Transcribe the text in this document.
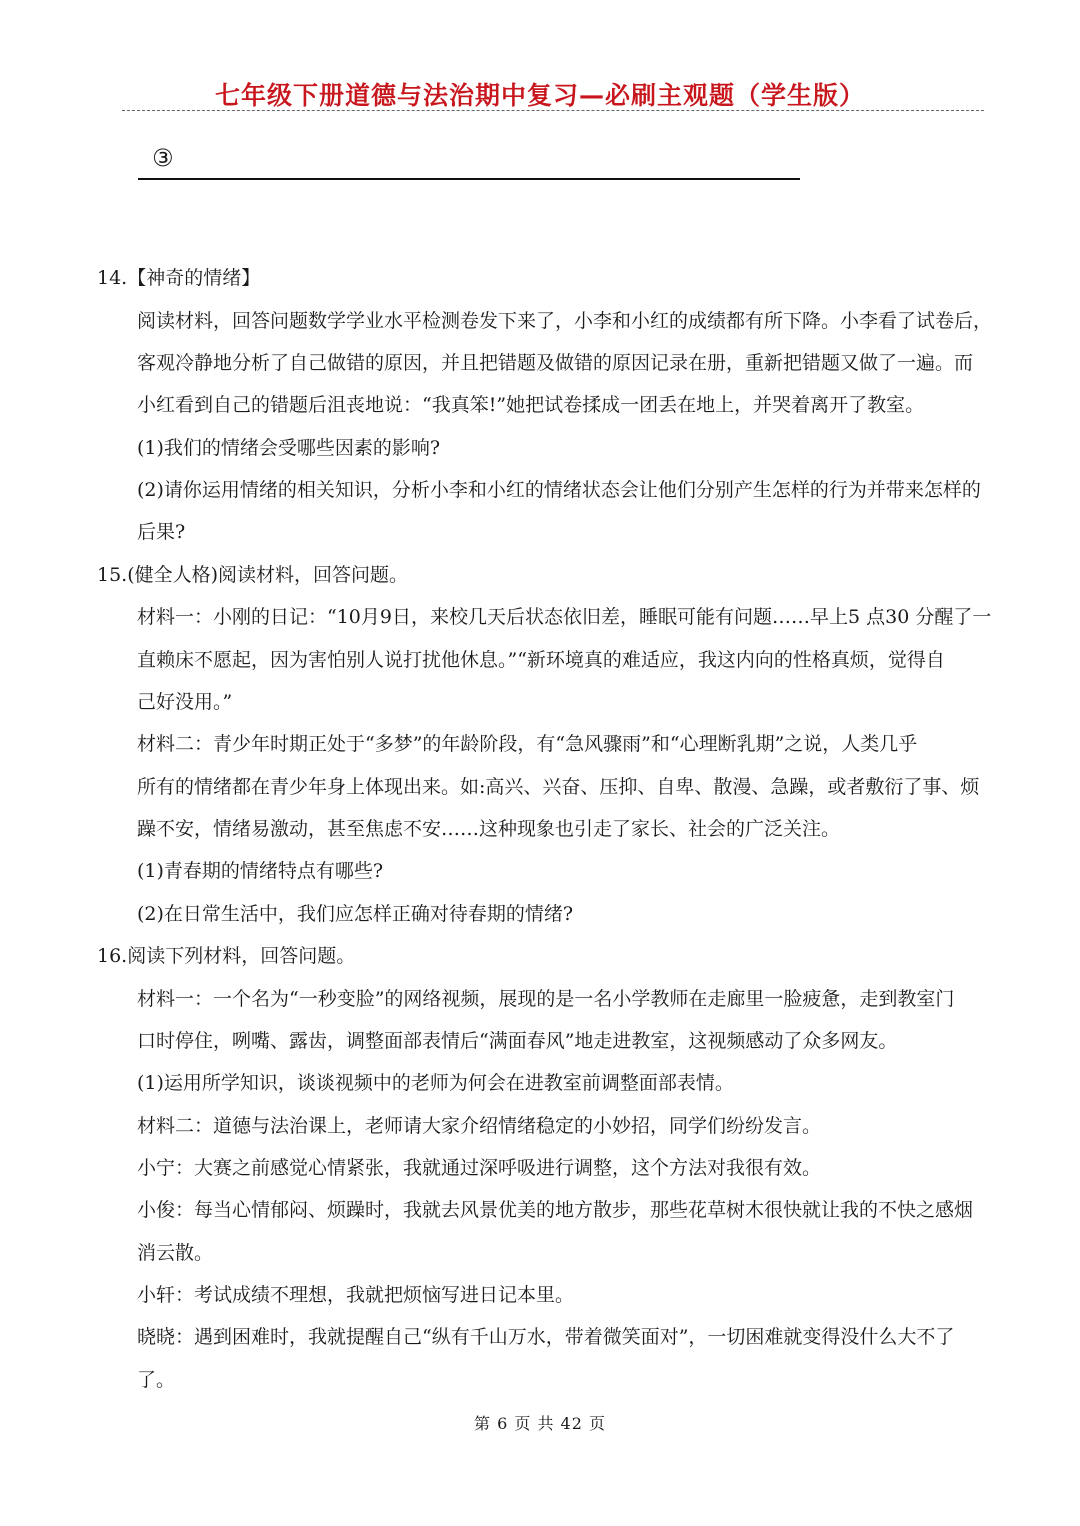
七年级下册道德与法治期中复习—必刷主观题（学生版）
③
14.【神奇的情绪】
阅读材料，回答问题数学学业水平检测卷发下来了，小李和小红的成绩都有所下降。小李看了试卷后，
客观冷静地分析了自己做错的原因，并且把错题及做错的原因记录在册，重新把错题又做了一遍。而
小红看到自己的错题后沮丧地说：“我真笨!”她把试卷揉成一团丢在地上，并哭着离开了教室。
(1)我们的情绪会受哪些因素的影响?
(2)请你运用情绪的相关知识，分析小李和小红的情绪状态会让他们分别产生怎样的行为并带来怎样的
后果?
15.(健全人格)阅读材料，回答问题。
材料一：小刚的日记：“10月9日，来校几天后状态依旧差，睡眠可能有问题……早上5 点30 分醒了一
直赖床不愿起，因为害怕别人说打扰他休息。”“新环境真的难适应，我这内向的性格真烦，觉得自
己好没用。”
材料二：青少年时期正处于“多梦”的年龄阶段，有“急风骤雨”和“心理断乳期”之说，人类几乎
所有的情绪都在青少年身上体现出来。如:高兴、兴奋、压抑、自卑、散漫、急躁，或者敷衍了事、烦
躁不安，情绪易激动，甚至焦虑不安……这种现象也引走了家长、社会的广泛关注。
(1)青春期的情绪特点有哪些?
(2)在日常生活中，我们应怎样正确对待春期的情绪?
16.阅读下列材料，回答问题。
材料一：一个名为“一秒变脸”的网络视频，展现的是一名小学教师在走廊里一脸疲惫，走到教室门
口时停住，咧嘴、露齿，调整面部表情后“满面春风”地走进教室，这视频感动了众多网友。
(1)运用所学知识，谈谈视频中的老师为何会在进教室前调整面部表情。
材料二：道德与法治课上，老师请大家介绍情绪稳定的小妙招，同学们纷纷发言。
小宁：大赛之前感觉心情紧张，我就通过深呼吸进行调整，这个方法对我很有效。
小俊：每当心情郁闷、烦躁时，我就去风景优美的地方散步，那些花草树木很快就让我的不快之感烟
消云散。
小轩：考试成绩不理想，我就把烦恼写进日记本里。
晓晓：遇到困难时，我就提醒自己“纵有千山万水，带着微笑面对”，一切困难就变得没什么大不了
了。
第 6 页 共 42 页
